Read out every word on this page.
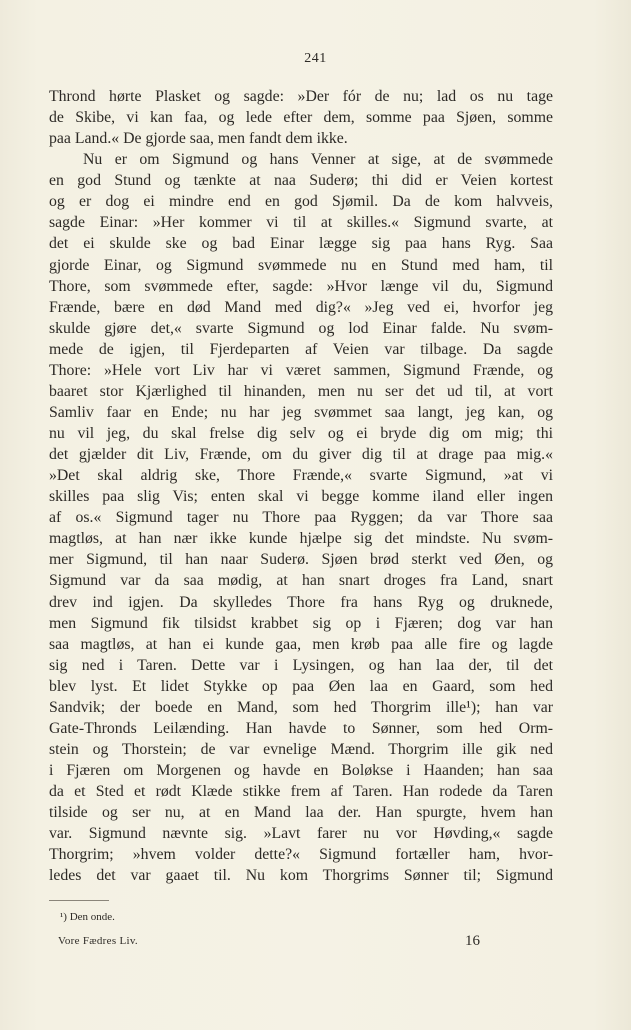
241
Thrond hørte Plasket og sagde: »Der fór de nu; lad os nu tage
de Skibe, vi kan faa, og lede efter dem, somme paa Sjøen, somme
paa Land.« De gjorde saa, men fandt dem ikke.
Nu er om Sigmund og hans Venner at sige, at de svømmede
en god Stund og tænkte at naa Suderø; thi did er Veien kortest
og er dog ei mindre end en god Sjømil. Da de kom halvveis,
sagde Einar: »Her kommer vi til at skilles.« Sigmund svarte, at
det ei skulde ske og bad Einar lægge sig paa hans Ryg. Saa
gjorde Einar, og Sigmund svømmede nu en Stund med ham, til
Thore, som svømmede efter, sagde: »Hvor længe vil du, Sigmund
Frænde, bære en død Mand med dig?« »Jeg ved ei, hvorfor jeg
skulde gjøre det,« svarte Sigmund og lod Einar falde. Nu svøm-
mede de igjen, til Fjerdeparten af Veien var tilbage. Da sagde
Thore: »Hele vort Liv har vi været sammen, Sigmund Frænde, og
baaret stor Kjærlighed til hinanden, men nu ser det ud til, at vort
Samliv faar en Ende; nu har jeg svømmet saa langt, jeg kan, og
nu vil jeg, du skal frelse dig selv og ei bryde dig om mig; thi
det gjælder dit Liv, Frænde, om du giver dig til at drage paa mig.«
»Det skal aldrig ske, Thore Frænde,« svarte Sigmund, »at vi
skilles paa slig Vis; enten skal vi begge komme iland eller ingen
af os.« Sigmund tager nu Thore paa Ryggen; da var Thore saa
magtløs, at han nær ikke kunde hjælpe sig det mindste. Nu svøm-
mer Sigmund, til han naar Suderø. Sjøen brød sterkt ved Øen, og
Sigmund var da saa mødig, at han snart droges fra Land, snart
drev ind igjen. Da skylledes Thore fra hans Ryg og druknede,
men Sigmund fik tilsidst krabbet sig op i Fjæren; dog var han
saa magtløs, at han ei kunde gaa, men krøb paa alle fire og lagde
sig ned i Taren. Dette var i Lysingen, og han laa der, til det
blev lyst. Et lidet Stykke op paa Øen laa en Gaard, som hed
Sandvik; der boede en Mand, som hed Thorgrim ille¹); han var
Gate-Thronds Leilænding. Han havde to Sønner, som hed Orm-
stein og Thorstein; de var evnelige Mænd. Thorgrim ille gik ned
i Fjæren om Morgenen og havde en Boløkse i Haanden; han saa
da et Sted et rødt Klæde stikke frem af Taren. Han rodede da Taren
tilside og ser nu, at en Mand laa der. Han spurgte, hvem han
var. Sigmund nævnte sig. »Lavt farer nu vor Høvding,« sagde
Thorgrim; »hvem volder dette?« Sigmund fortæller ham, hvor-
ledes det var gaaet til. Nu kom Thorgrims Sønner til; Sigmund
¹) Den onde.
Vore Fædres Liv.	16
